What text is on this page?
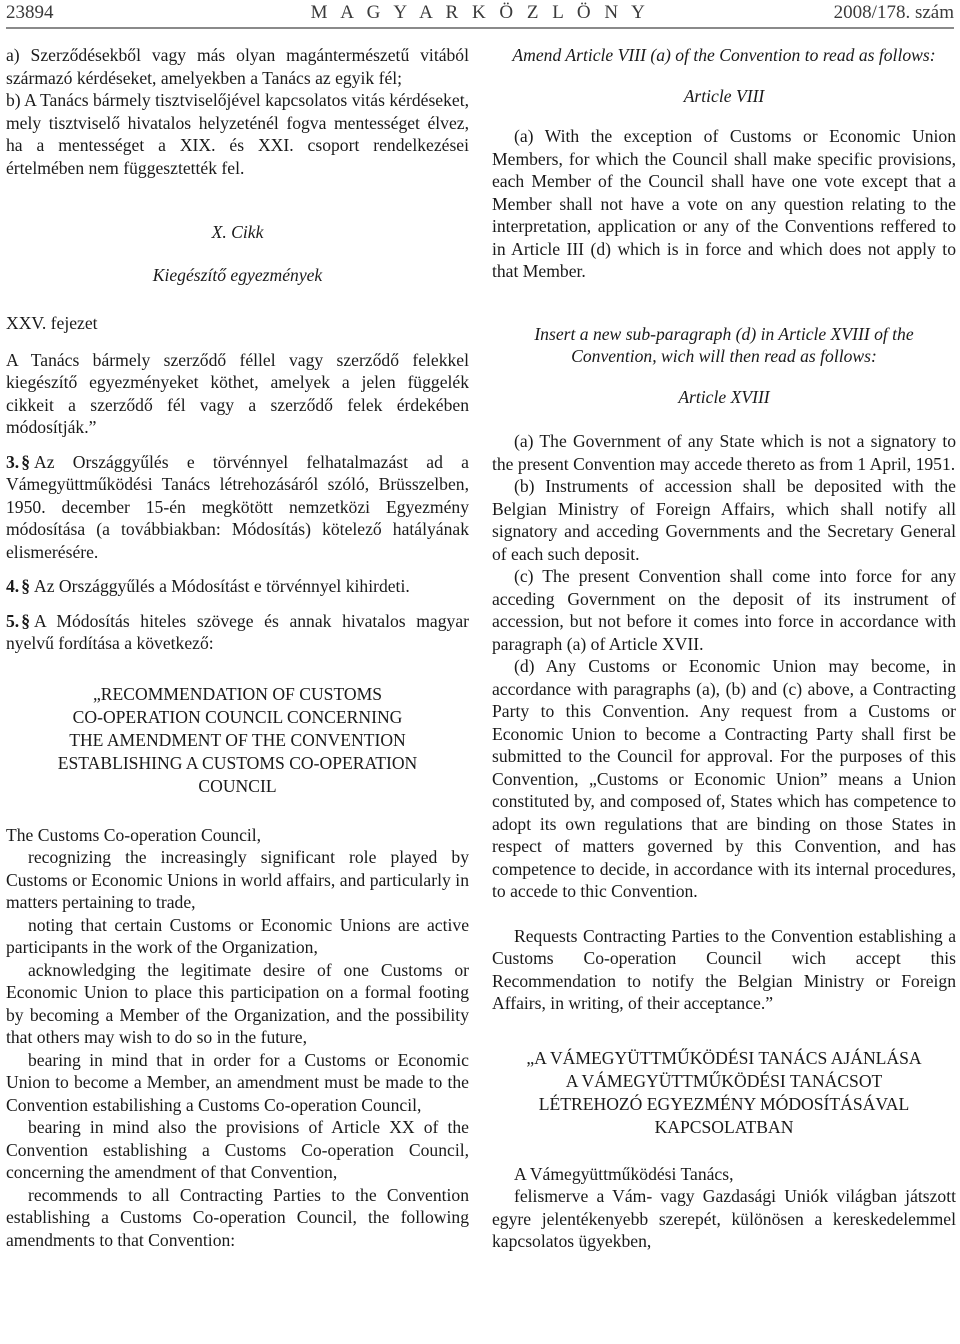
23894	M A G Y A R K Ö Z L Ö N Y	2008/178. szám

a) Szerződésekből vagy más olyan magántermészetű vitából származó kérdéseket, amelyekben a Tanács az egyik fél;

b) A Tanács bármely tisztviselőjével kapcsolatos vitás kérdéseket, mely tisztviselő hivatalos helyzeténél fogva mentességet élvez, ha a mentességet a XIX. és XXI. csoport rendelkezései értelmében nem függesztették fel.

X. Cikk

Kiegészítő egyezmények

XXV. fejezet

A Tanács bármely szerződő féllel vagy szerződő felekkel kiegészítő egyezményeket köthet, amelyek a jelen függelék cikkeit a szerződő fél vagy a szerződő felek érdekében módosítják.”

3. § Az Országgyűlés e törvénnyel felhatalmazást ad a Vámegyüttműködési Tanács létrehozásáról szóló, Brüsszelben, 1950. december 15-én megkötött nemzetközi Egyezmény módosítása (a továbbiakban: Módosítás) kötelező hatályának elismerésére.

4. § Az Országgyűlés a Módosítást e törvénnyel kihirdeti.

5. § A Módosítás hiteles szövege és annak hivatalos magyar nyelvű fordítása a következő:

„RECOMMENDATION OF CUSTOMS

CO-OPERATION COUNCIL CONCERNING

THE AMENDMENT OF THE CONVENTION

ESTABLISHING A CUSTOMS CO-OPERATION

COUNCIL

The Customs Co-operation Council,

recognizing the increasingly significant role played by Customs or Economic Unions in world affairs, and particularly in matters pertaining to trade,

noting that certain Customs or Economic Unions are active participants in the work of the Organization,

acknowledging the legitimate desire of one Customs or Economic Union to place this participation on a formal footing by becoming a Member of the Organization, and the possibility that others may wish to do so in the future,

bearing in mind that in order for a Customs or Economic Union to become a Member, an amendment must be made to the Convention estabilishing a Customs Co-operation Council,

bearing in mind also the provisions of Article XX of the Convention establishing a Customs Co-operation Council, concerning the amendment of that Convention,

recommends to all Contracting Parties to the Convention establishing a Customs Co-operation Council, the following amendments to that Convention:

Amend Article VIII (a) of the Convention to read as follows:

Article VIII

(a) With the exception of Customs or Economic Union Members, for which the Council shall make specific provisions, each Member of the Council shall have one vote except that a Member shall not have a vote on any question relating to the interpretation, application or any of the Conventions reffered to in Article III (d) which is in force and which does not apply to that Member.

Insert a new sub-paragraph (d) in Article XVIII of the Convention, wich will then read as follows:

Article XVIII

(a) The Government of any State which is not a signatory to the present Convention may accede thereto as from 1 April, 1951.

(b) Instruments of accession shall be deposited with the Belgian Ministry of Foreign Affairs, which shall notify all signatory and acceding Governments and the Secretary General of each such deposit.

(c) The present Convention shall come into force for any acceding Government on the deposit of its instrument of accession, but not before it comes into force in accordance with paragraph (a) of Article XVII.

(d) Any Customs or Economic Union may become, in accordance with paragraphs (a), (b) and (c) above, a Contracting Party to this Convention. Any request from a Customs or Economic Union to become a Contracting Party shall first be submitted to the Council for approval. For the purposes of this Convention, „Customs or Economic Union” means a Union constituted by, and composed of, States which has competence to adopt its own regulations that are binding on those States in respect of matters governed by this Convention, and has competence to decide, in accordance with its internal procedures, to accede to thic Convention.

Requests Contracting Parties to the Convention establishing a Customs Co-operation Council wich accept this Recommendation to notify the Belgian Ministry or Foreign Affairs, in writing, of their acceptance.”

„A VÁMEGYÜTTMŰKÖDÉSI TANÁCS AJÁNLÁSA

A VÁMEGYÜTTMŰKÖDÉSI TANÁCSOT

LÉTREHOZÓ EGYEZMÉNY MÓDOSÍTÁSÁVAL

KAPCSOLATBAN

A Vámegyüttműködési Tanács,

felismerve a Vám- vagy Gazdasági Uniók világban játszott egyre jelentékenyebb szerepét, különösen a kereskedelemmel kapcsolatos ügyekben,
